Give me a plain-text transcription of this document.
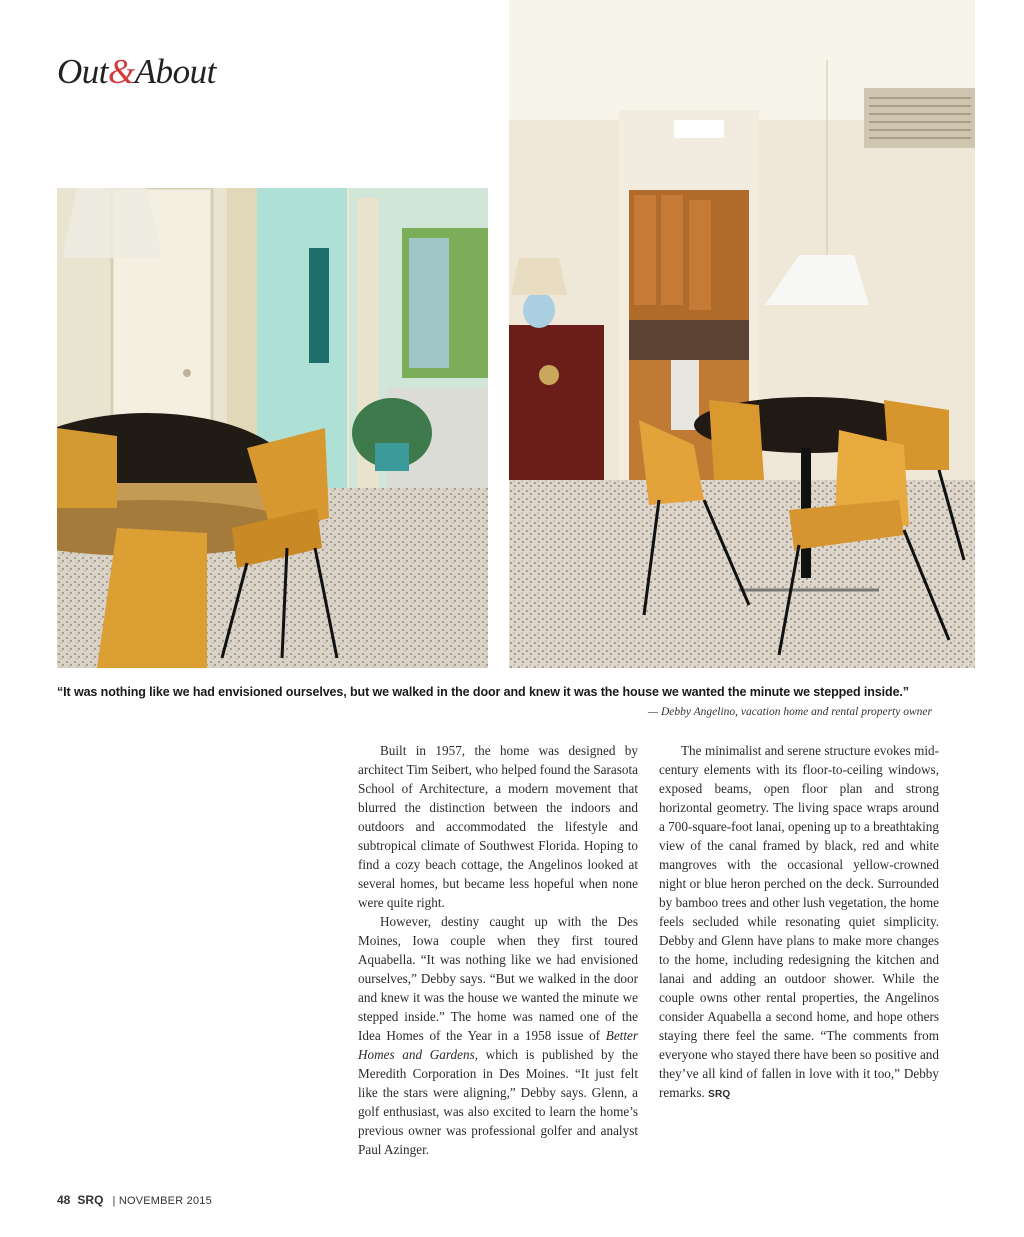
Out&About
“It was nothing like we had envisioned ourselves, but we walked in the door and knew it was the house we wanted the minute we stepped inside.”
— Debby Angelino, vacation home and rental property owner

Built in 1957, the home was designed by architect Tim Seibert, who helped found the Sarasota School of Architecture, a modern movement that blurred the distinction between the indoors and outdoors and accommodated the lifestyle and subtropical climate of Southwest Florida. Hoping to find a cozy beach cottage, the Angelinos looked at several homes, but became less hopeful when none were quite right.

However, destiny caught up with the Des Moines, Iowa couple when they first toured Aquabella. “It was nothing like we had envisioned ourselves,” Debby says. “But we walked in the door and knew it was the house we wanted the minute we stepped inside.” The home was named one of the Idea Homes of the Year in a 1958 issue of Better Homes and Gardens, which is published by the Meredith Corporation in Des Moines. “It just felt like the stars were aligning,” Debby says. Glenn, a golf enthusiast, was also excited to learn the home’s previous owner was professional golfer and analyst Paul Azinger.

The minimalist and serene structure evokes mid-century elements with its floor-to-ceiling windows, exposed beams, open floor plan and strong horizontal geometry. The living space wraps around a 700-square-foot lanai, opening up to a breathtaking view of the canal framed by black, red and white mangroves with the occasional yellow-crowned night or blue heron perched on the deck. Surrounded by bamboo trees and other lush vegetation, the home feels secluded while resonating quiet simplicity. Debby and Glenn have plans to make more changes to the home, including redesigning the kitchen and lanai and adding an outdoor shower. While the couple owns other rental properties, the Angelinos consider Aquabella a second home, and hope others staying there feel the same. “The comments from everyone who stayed there have been so positive and they’ve all kind of fallen in love with it too,” Debby remarks. SRQ

48 SRQ | NOVEMBER 2015
